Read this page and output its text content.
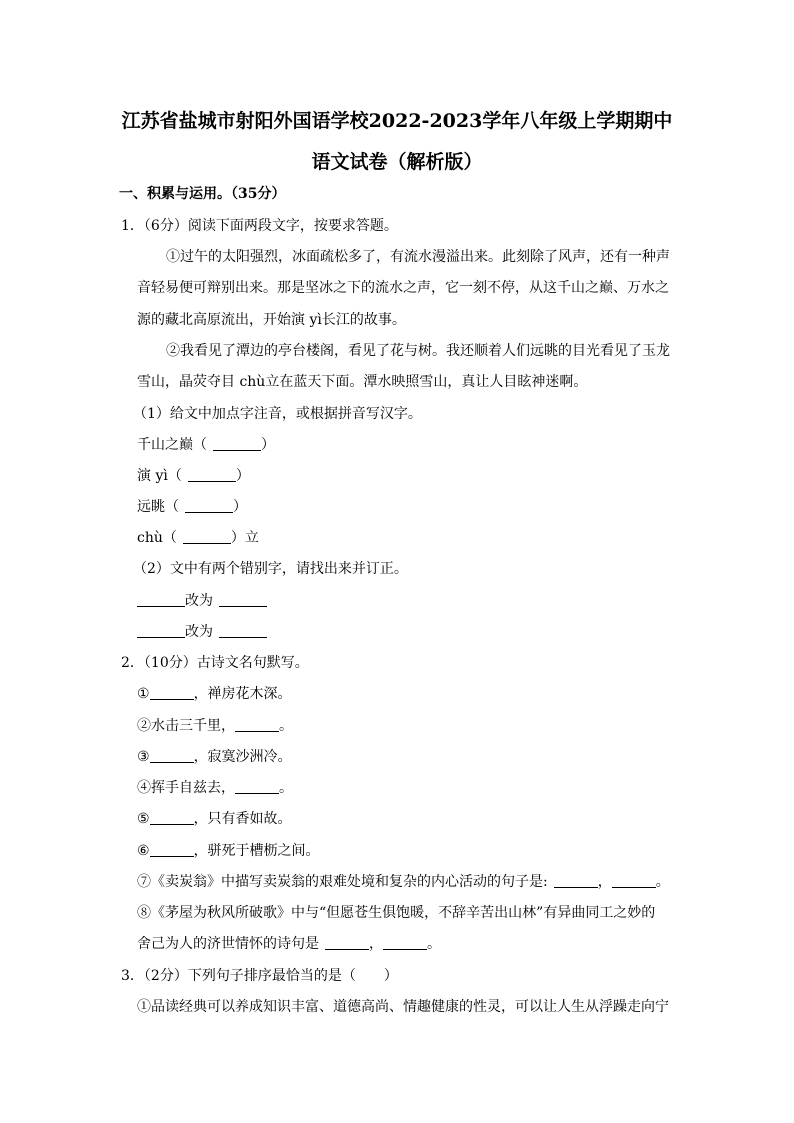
江苏省盐城市射阳外国语学校2022-2023学年八年级上学期期中
语文试卷（解析版）
一、积累与运用。（35分）
1．（6分）阅读下面两段文字，按要求答题。
①过午的太阳强烈，冰面疏松多了，有流水漫溢出来。此刻除了风声，还有一种声
音轻易便可辩别出来。那是坚冰之下的流水之声，它一刻不停，从这千山之巅、万水之
源的藏北高原流出，开始演 yì长江的故事。
②我看见了潭边的亭台楼阁，看见了花与树。我还顺着人们远眺的目光看见了玉龙
雪山，晶荧夺目 chù立在蓝天下面。潭水映照雪山，真让人目眩神迷啊。
（1）给文中加点字注音，或根据拼音写汉字。
千山之巅（	）
演 yì（	）
远眺（	）
chù（	）立
（2）文中有两个错别字，请找出来并订正。
改为
改为
2．（10分）古诗文名句默写。
①	，禅房花木深。
②水击三千里，	。
③	，寂寞沙洲冷。
④挥手自兹去，	。
⑤	，只有香如故。
⑥	，骈死于槽枥之间。
⑦《卖炭翁》中描写卖炭翁的艰难处境和复杂的内心活动的句子是:	，	。
⑧《茅屋为秋风所破歌》中与“但愿苍生俱饱暖，不辞辛苦出山林”有异曲同工之妙的
舍己为人的济世情怀的诗句是	，	。
3．（2分）下列句子排序最恰当的是（　　）
①品读经典可以养成知识丰富、道德高尚、情趣健康的性灵，可以让人生从浮躁走向宁
